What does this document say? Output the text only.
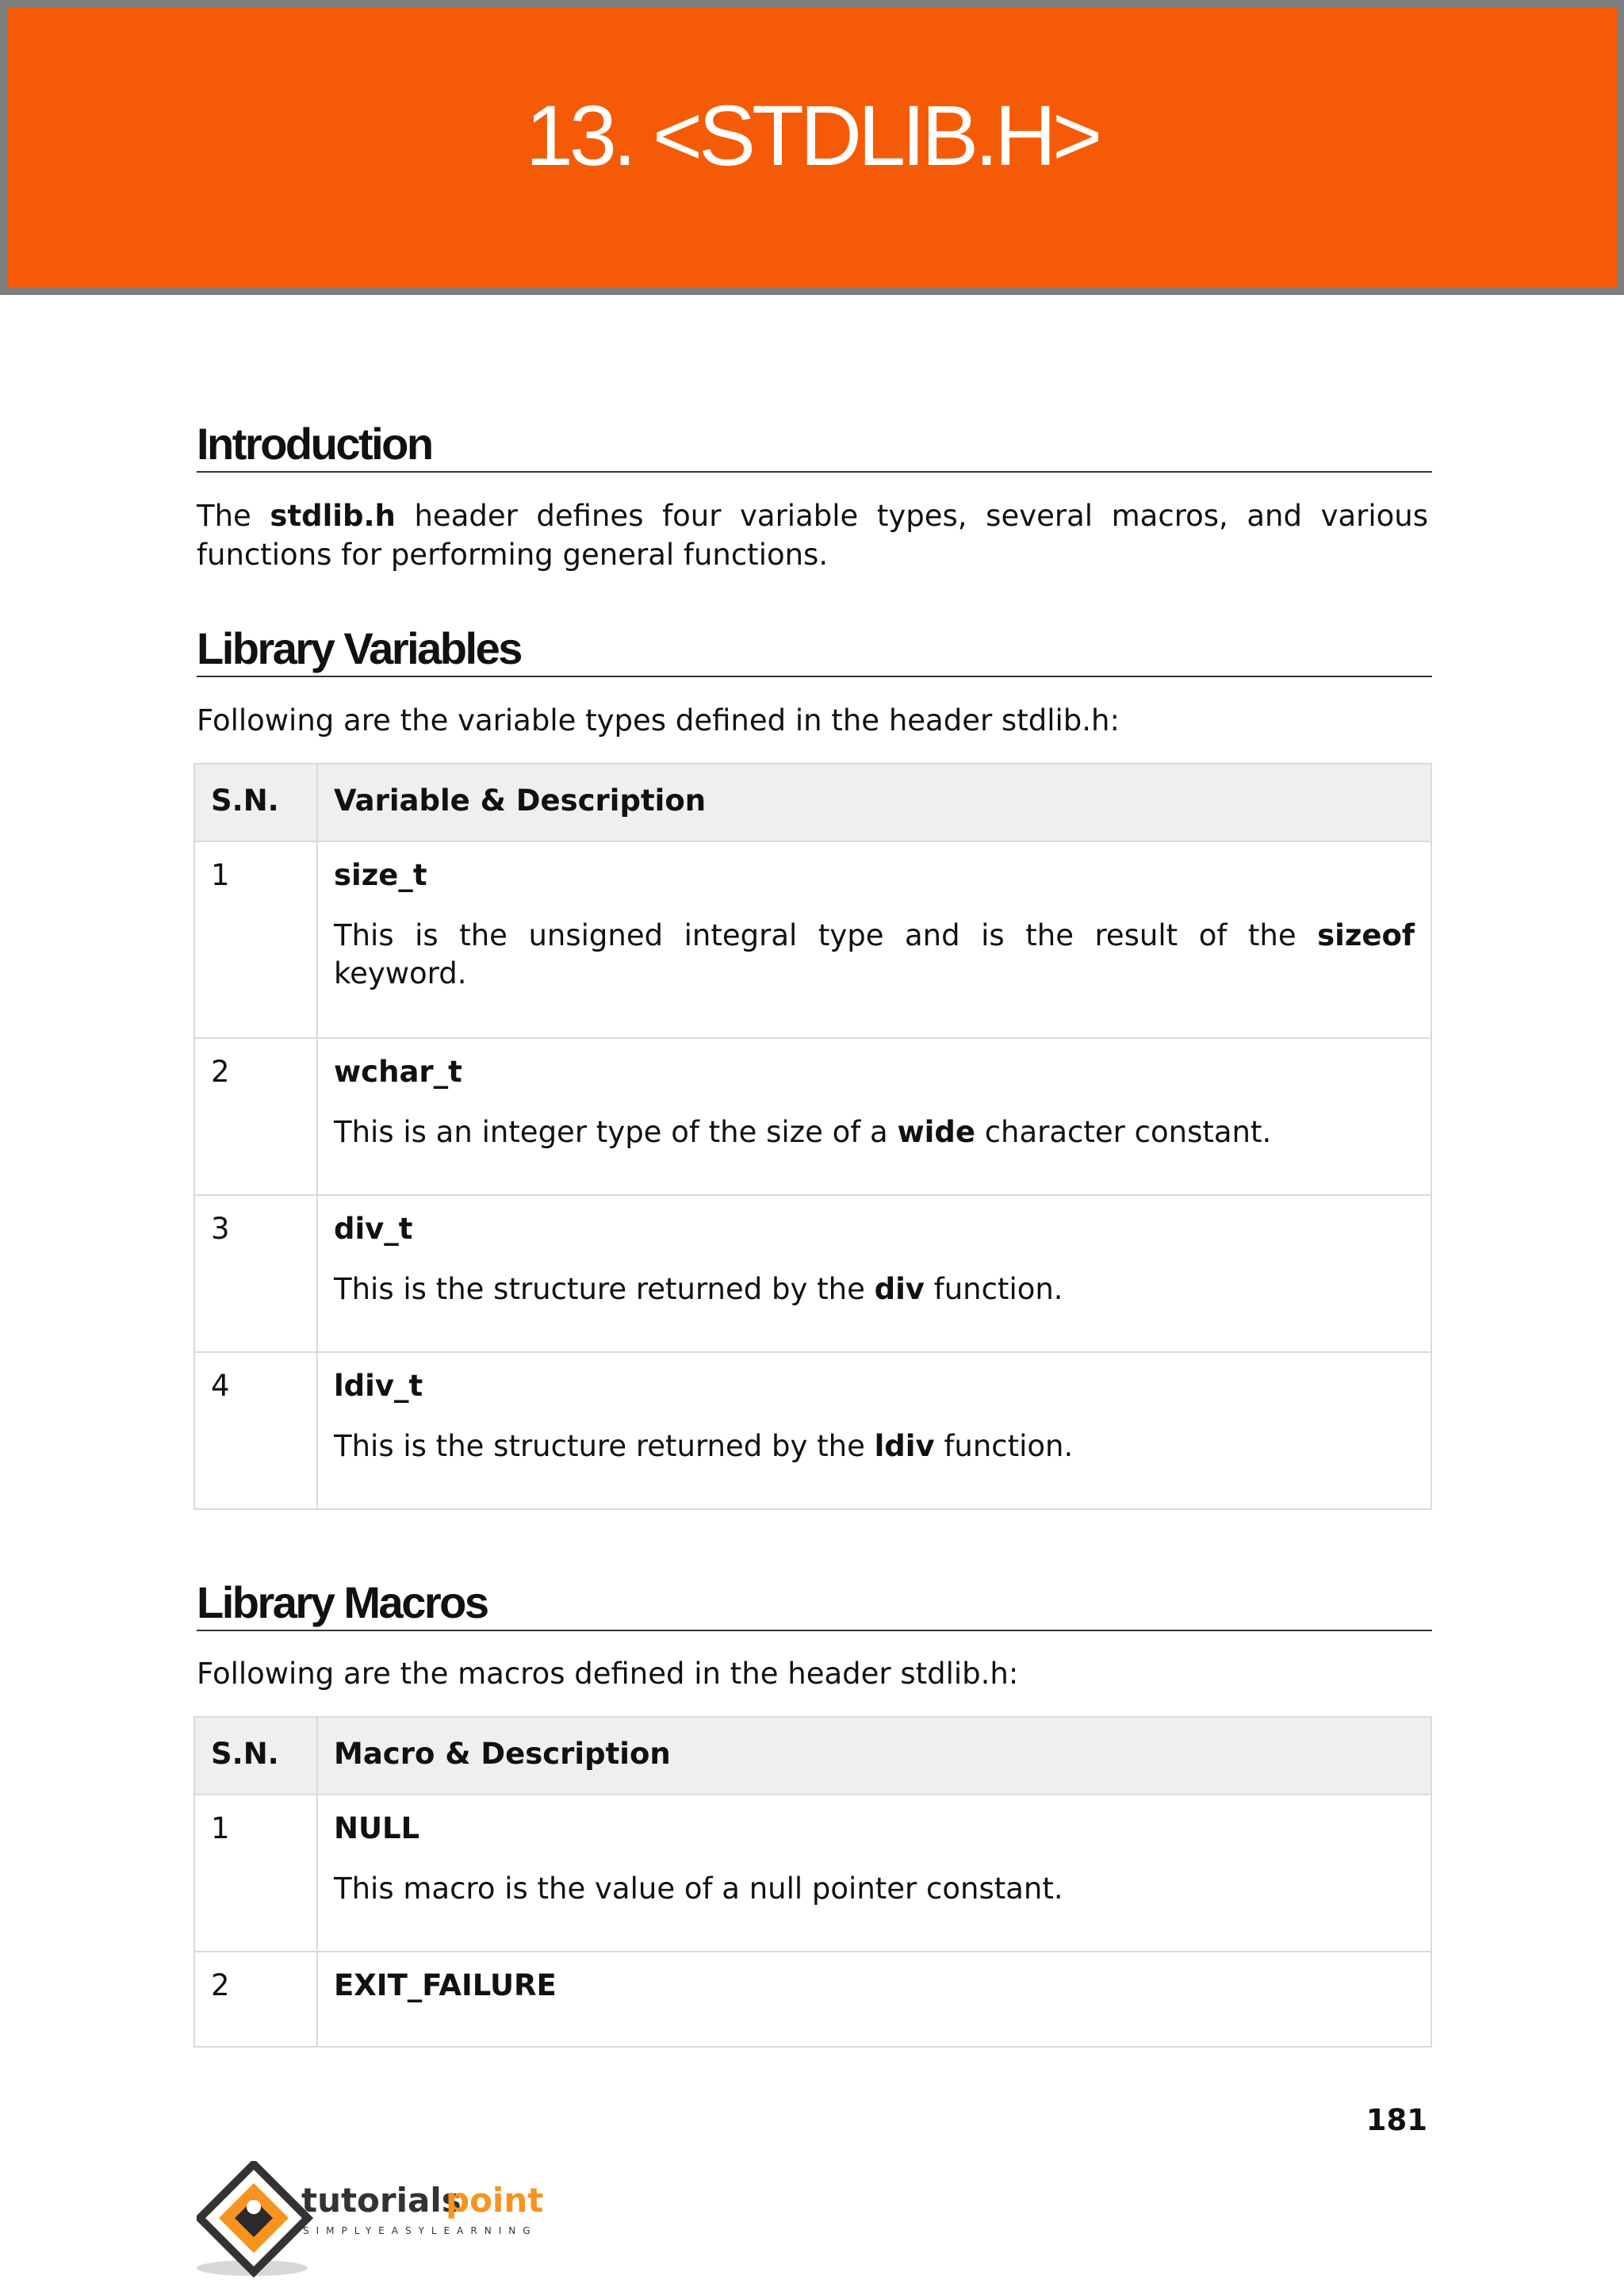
13. <STDLIB.H>
Introduction
The stdlib.h header defines four variable types, several macros, and various functions for performing general functions.
Library Variables
Following are the variable types defined in the header stdlib.h:
S.N.	Variable & Description
1	size_t
This is the unsigned integral type and is the result of the sizeof keyword.

2	wchar_t
This is an integer type of the size of a wide character constant.

3	div_t
This is the structure returned by the div function.

4	ldiv_t
This is the structure returned by the ldiv function.
Library Macros
Following are the macros defined in the header stdlib.h:
S.N.	Macro & Description
1	NULL
This macro is the value of a null pointer constant.

2	EXIT_FAILURE
181
tutorials
point
SIMPLYEASYLEARNING
